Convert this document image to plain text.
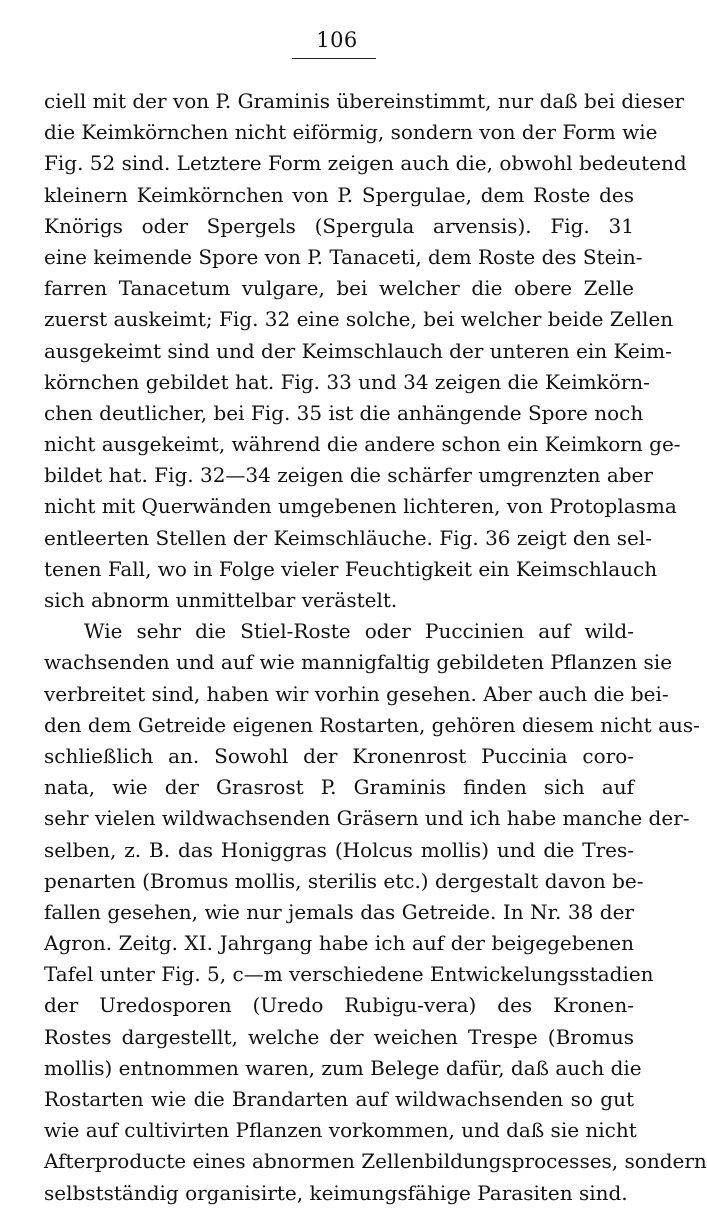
106
ciell mit der von P. Graminis übereinstimmt, nur daß bei dieser
die Keimkörnchen nicht eiförmig, sondern von der Form wie
Fig. 52 sind. Letztere Form zeigen auch die, obwohl bedeutend
kleinern Keimkörnchen von P. Spergulae, dem Roste des
Knörigs oder Spergels (Spergula arvensis). Fig. 31
eine keimende Spore von P. Tanaceti, dem Roste des Stein-
farren Tanacetum vulgare, bei welcher die obere Zelle
zuerst auskeimt; Fig. 32 eine solche, bei welcher beide Zellen
ausgekeimt sind und der Keimschlauch der unteren ein Keim-
körnchen gebildet hat. Fig. 33 und 34 zeigen die Keimkörn-
chen deutlicher, bei Fig. 35 ist die anhängende Spore noch
nicht ausgekeimt, während die andere schon ein Keimkorn ge-
bildet hat. Fig. 32—34 zeigen die schärfer umgrenzten aber
nicht mit Querwänden umgebenen lichteren, von Protoplasma
entleerten Stellen der Keimschläuche. Fig. 36 zeigt den sel-
tenen Fall, wo in Folge vieler Feuchtigkeit ein Keimschlauch
sich abnorm unmittelbar verästelt.
Wie sehr die Stiel-Roste oder Puccinien auf wild-
wachsenden und auf wie mannigfaltig gebildeten Pflanzen sie
verbreitet sind, haben wir vorhin gesehen. Aber auch die bei-
den dem Getreide eigenen Rostarten, gehören diesem nicht aus-
schließlich an. Sowohl der Kronenrost Puccinia coro-
nata, wie der Grasrost P. Graminis finden sich auf
sehr vielen wildwachsenden Gräsern und ich habe manche der-
selben, z. B. das Honiggras (Holcus mollis) und die Tres-
penarten (Bromus mollis, sterilis etc.) dergestalt davon be-
fallen gesehen, wie nur jemals das Getreide. In Nr. 38 der
Agron. Zeitg. XI. Jahrgang habe ich auf der beigegebenen
Tafel unter Fig. 5, c—m verschiedene Entwickelungsstadien
der Uredosporen (Uredo Rubigu-vera) des Kronen-
Rostes dargestellt, welche der weichen Trespe (Bromus
mollis) entnommen waren, zum Belege dafür, daß auch die
Rostarten wie die Brandarten auf wildwachsenden so gut
wie auf cultivirten Pflanzen vorkommen, und daß sie nicht
Afterproducte eines abnormen Zellenbildungsprocesses, sondern
selbstständig organisirte, keimungsfähige Parasiten sind.
